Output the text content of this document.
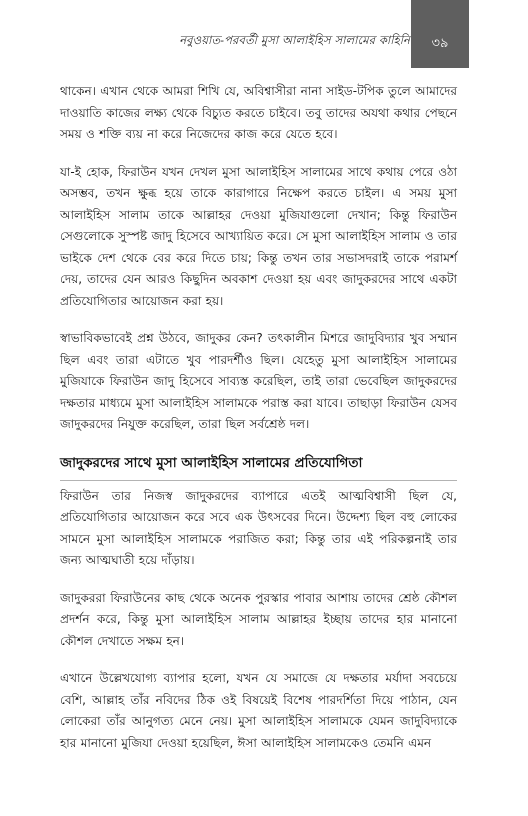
নবুওয়াত-পরবর্তী মুসা আলাইহিস সালামের কাহিনি ৩৯

থাকেন। এখান থেকে আমরা শিখি যে, অবিশ্বাসীরা নানা সাইড-টপিক তুলে আমাদের দাওয়াতি কাজের লক্ষ্য থেকে বিচ্যুত করতে চাইবে। তবু তাদের অযথা কথার পেছনে সময় ও শক্তি ব্যয় না করে নিজেদের কাজ করে যেতে হবে।

যা-ই হোক, ফিরাউন যখন দেখল মুসা আলাইহিস সালামের সাথে কথায় পেরে ওঠা অসম্ভব, তখন ক্ষুব্ধ হয়ে তাকে কারাগারে নিক্ষেপ করতে চাইল। এ সময় মুসা আলাইহিস সালাম তাকে আল্লাহর দেওয়া মুজিযাগুলো দেখান; কিন্তু ফিরাউন সেগুলোকে সুস্পষ্ট জাদু হিসেবে আখ্যায়িত করে। সে মুসা আলাইহিস সালাম ও তার ভাইকে দেশ থেকে বের করে দিতে চায়; কিন্তু তখন তার সভাসদরাই তাকে পরামর্শ দেয়, তাদের যেন আরও কিছুদিন অবকাশ দেওয়া হয় এবং জাদুকরদের সাথে একটা প্রতিযোগিতার আয়োজন করা হয়।

স্বাভাবিকভাবেই প্রশ্ন উঠবে, জাদুকর কেন? তৎকালীন মিশরে জাদুবিদ্যার খুব সম্মান ছিল এবং তারা এটাতে খুব পারদর্শীও ছিল। যেহেতু মুসা আলাইহিস সালামের মুজিযাকে ফিরাউন জাদু হিসেবে সাব্যস্ত করেছিল, তাই তারা ভেবেছিল জাদুকরদের দক্ষতার মাধ্যমে মুসা আলাইহিস সালামকে পরাস্ত করা যাবে। তাছাড়া ফিরাউন যেসব জাদুকরদের নিযুক্ত করেছিল, তারা ছিল সর্বশ্রেষ্ঠ দল।

জাদুকরদের সাথে মুসা আলাইহিস সালামের প্রতিযোগিতা

ফিরাউন তার নিজস্ব জাদুকরদের ব্যাপারে এতই আত্মবিশ্বাসী ছিল যে, প্রতিযোগিতার আয়োজন করে সবে এক উৎসবের দিনে। উদ্দেশ্য ছিল বহু লোকের সামনে মুসা আলাইহিস সালামকে পরাজিত করা; কিন্তু তার এই পরিকল্পনাই তার জন্য আত্মঘাতী হয়ে দাঁড়ায়।

জাদুকররা ফিরাউনের কাছ থেকে অনেক পুরস্কার পাবার আশায় তাদের শ্রেষ্ঠ কৌশল প্রদর্শন করে, কিন্তু মুসা আলাইহিস সালাম আল্লাহর ইচ্ছায় তাদের হার মানানো কৌশল দেখাতে সক্ষম হন।

এখানে উল্লেখযোগ্য ব্যাপার হলো, যখন যে সমাজে যে দক্ষতার মর্যাদা সবচেয়ে বেশি, আল্লাহ তাঁর নবিদের ঠিক ওই বিষয়েই বিশেষ পারদর্শিতা দিয়ে পাঠান, যেন লোকেরা তাঁর আনুগত্য মেনে নেয়। মুসা আলাইহিস সালামকে যেমন জাদুবিদ্যাকে হার মানানো মুজিযা দেওয়া হয়েছিল, ঈসা আলাইহিস সালামকেও তেমনি এমন
